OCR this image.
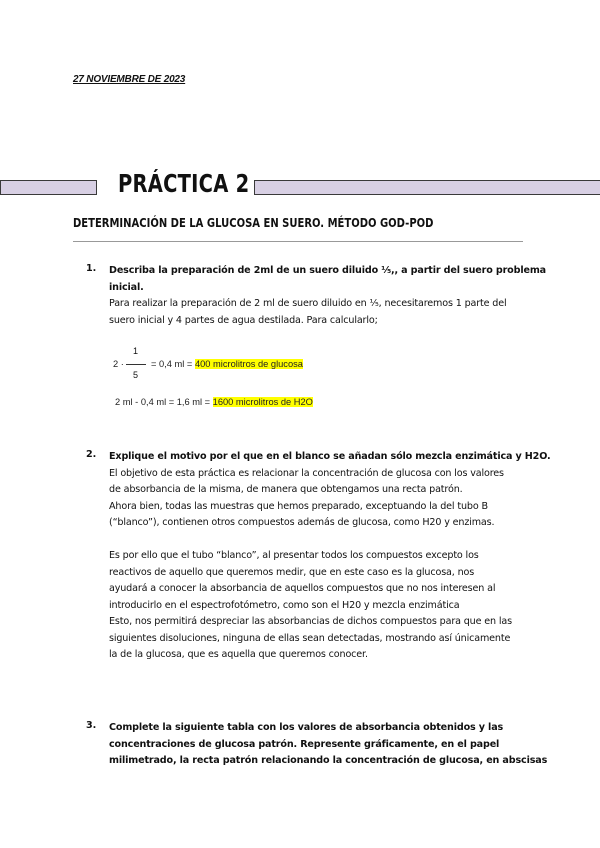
27 NOVIEMBRE DE 2023
PRÁCTICA 2
DETERMINACIÓN DE LA GLUCOSA EN SUERO. MÉTODO GOD-POD
1.	Describa la preparación de 2ml de un suero diluido ⅕,, a partir del suero problema
inicial.
Para realizar la preparación de 2 ml de suero diluido en ⅕, necesitaremos 1 parte del
suero inicial y 4 partes de agua destilada. Para calcularlo;
2 ·
1
5
= 0,4 ml = 400 microlitros de glucosa
2 ml - 0,4 ml = 1,6 ml = 1600 microlitros de H2O
2.	Explique el motivo por el que en el blanco se añadan sólo mezcla enzimática y H2O.
El objetivo de esta práctica es relacionar la concentración de glucosa con los valores
de absorbancia de la misma, de manera que obtengamos una recta patrón.
Ahora bien, todas las muestras que hemos preparado, exceptuando la del tubo B
(“blanco”), contienen otros compuestos además de glucosa, como H20 y enzimas.
Es por ello que el tubo “blanco”, al presentar todos los compuestos excepto los
reactivos de aquello que queremos medir, que en este caso es la glucosa, nos
ayudará a conocer la absorbancia de aquellos compuestos que no nos interesen al
introducirlo en el espectrofotómetro, como son el H20 y mezcla enzimática
Esto, nos permitirá despreciar las absorbancias de dichos compuestos para que en las
siguientes disoluciones, ninguna de ellas sean detectadas, mostrando así únicamente
la de la glucosa, que es aquella que queremos conocer.
3.	Complete la siguiente tabla con los valores de absorbancia obtenidos y las
concentraciones de glucosa patrón. Represente gráficamente, en el papel
milimetrado, la recta patrón relacionando la concentración de glucosa, en abscisas
